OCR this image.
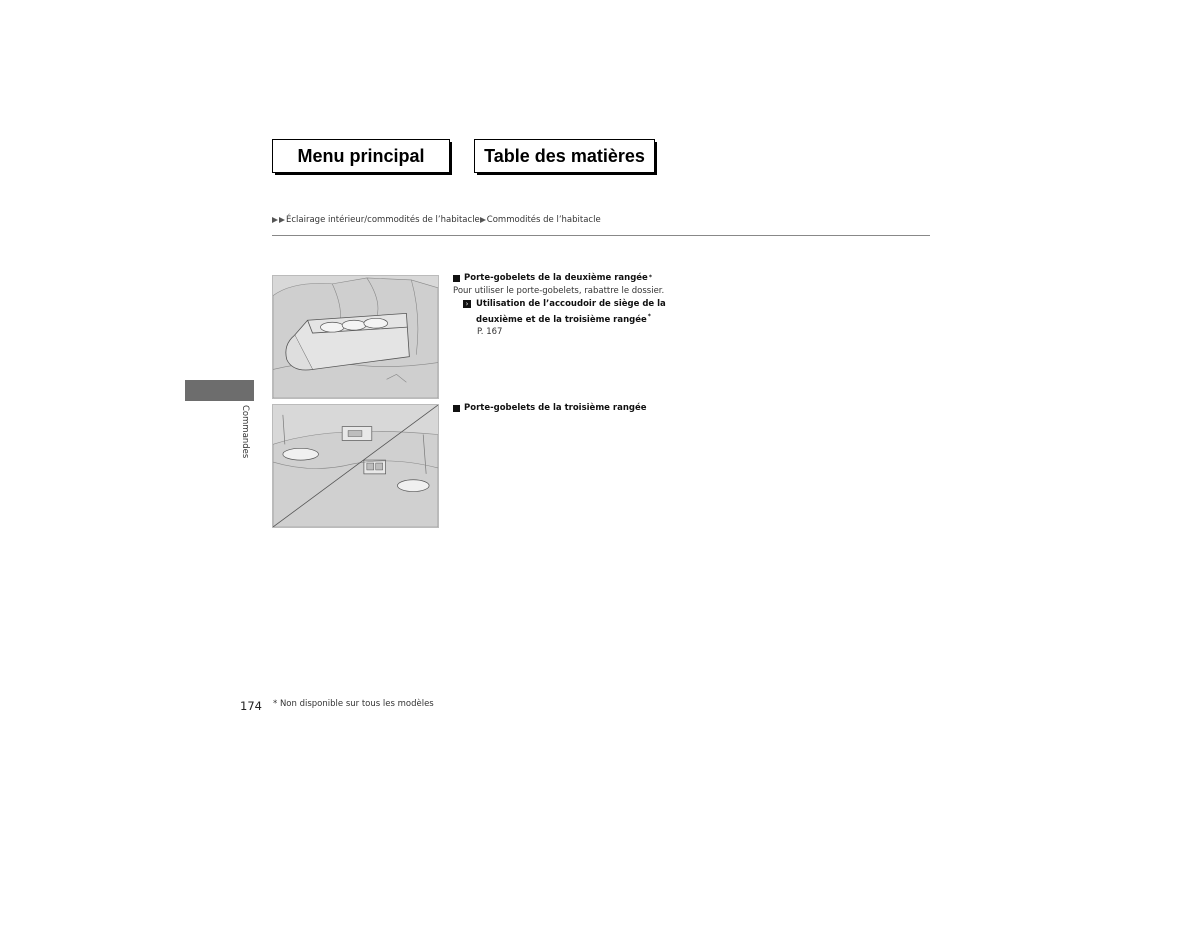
Menu principal	Table des matières
Éclairage intérieur/commodités de l’habitacle Commodités de l’habitacle
Commandes
Porte-gobelets de la deuxième rangée *
Pour utiliser le porte-gobelets, rabattre le dossier.
› Utilisation de l’accoudoir de siège de la
deuxième et de la troisième rangée*
P. 167
Porte-gobelets de la troisième rangée
174 * Non disponible sur tous les modèles
